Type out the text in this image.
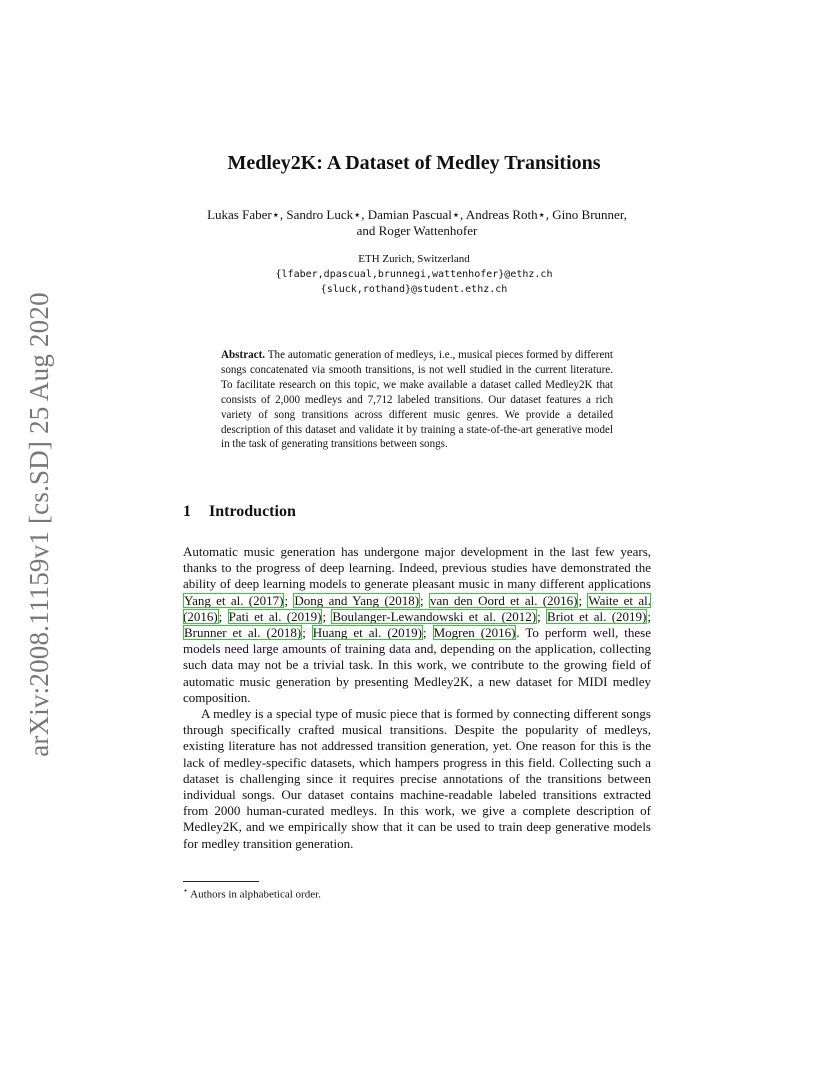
arXiv:2008.11159v1 [cs.SD] 25 Aug 2020
Medley2K: A Dataset of Medley Transitions
Lukas Faber⋆, Sandro Luck⋆, Damian Pascual⋆, Andreas Roth⋆, Gino Brunner,
and Roger Wattenhofer
ETH Zurich, Switzerland
{lfaber,dpascual,brunnegi,wattenhofer}@ethz.ch
{sluck,rothand}@student.ethz.ch
Abstract. The automatic generation of medleys, i.e., musical pieces formed by different songs concatenated via smooth transitions, is not well studied in the current literature. To facilitate research on this topic, we make available a dataset called Medley2K that consists of 2,000 medleys and 7,712 labeled transitions. Our dataset features a rich variety of song transitions across different music genres. We provide a detailed description of this dataset and validate it by training a state-of-the-art generative model in the task of generating transitions between songs.
1 Introduction

Automatic music generation has undergone major development in the last few years, thanks to the progress of deep learning. Indeed, previous studies have demonstrated the ability of deep learning models to generate pleasant music in many different applications Yang et al. (2017); Dong and Yang (2018); van den Oord et al. (2016); Waite et al. (2016); Pati et al. (2019); Boulanger-Lewandowski et al. (2012); Briot et al. (2019); Brunner et al. (2018); Huang et al. (2019); Mogren (2016). To perform well, these models need large amounts of training data and, depending on the application, collecting such data may not be a trivial task. In this work, we contribute to the growing field of automatic music generation by presenting Medley2K, a new dataset for MIDI medley composition.

A medley is a special type of music piece that is formed by connecting different songs through specifically crafted musical transitions. Despite the popularity of medleys, existing literature has not addressed transition generation, yet. One reason for this is the lack of medley-specific datasets, which hampers progress in this field. Collecting such a dataset is challenging since it requires precise annotations of the transitions between individual songs. Our dataset contains machine-readable labeled transitions extracted from 2000 human-curated medleys. In this work, we give a complete description of Medley2K, and we empirically show that it can be used to train deep generative models for medley transition generation.

⋆ Authors in alphabetical order.
